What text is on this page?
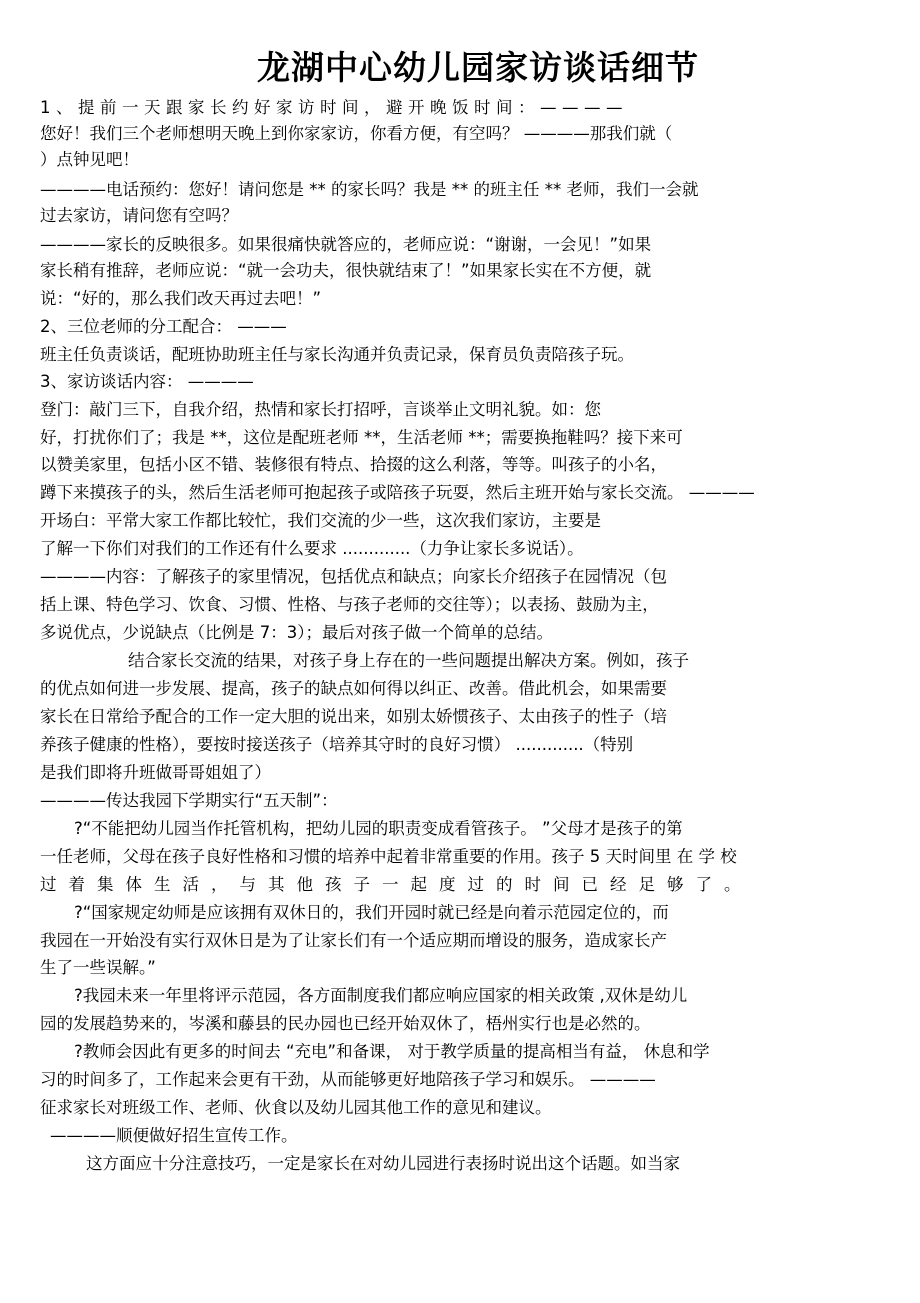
龙湖中心幼儿园家访谈话细节
1、提前一天跟家长约好家访时间，避开晚饭时间：————
您好！我们三个老师想明天晚上到你家家访，你看方便，有空吗？ ————那我们就（
）点钟见吧！
————电话预约：您好！请问您是 ** 的家长吗？我是 ** 的班主任 ** 老师，我们一会就
过去家访，请问您有空吗？
————家长的反映很多。如果很痛快就答应的，老师应说：“谢谢，一会见！”如果
家长稍有推辞，老师应说：“就一会功夫，很快就结束了！”如果家长实在不方便，就
说：“好的，那么我们改天再过去吧！”
2、三位老师的分工配合： ———
班主任负责谈话，配班协助班主任与家长沟通并负责记录，保育员负责陪孩子玩。
3、家访谈话内容： ————
登门：敲门三下，自我介绍，热情和家长打招呼，言谈举止文明礼貌。如：您
好，打扰你们了；我是 **，这位是配班老师 **，生活老师 **；需要换拖鞋吗？接下来可
以赞美家里，包括小区不错、装修很有特点、拾掇的这么利落，等等。叫孩子的小名，
蹲下来摸孩子的头，然后生活老师可抱起孩子或陪孩子玩耍，然后主班开始与家长交流。 ————
开场白：平常大家工作都比较忙，我们交流的少一些，这次我们家访，主要是
了解一下你们对我们的工作还有什么要求 .............（力争让家长多说话）。
————内容：了解孩子的家里情况，包括优点和缺点；向家长介绍孩子在园情况（包
括上课、特色学习、饮食、习惯、性格、与孩子老师的交往等）；以表扬、鼓励为主，
多说优点，少说缺点（比例是 7：3）；最后对孩子做一个简单的总结。
结合家长交流的结果，对孩子身上存在的一些问题提出解决方案。例如，孩子
的优点如何进一步发展、提高，孩子的缺点如何得以纠正、改善。借此机会，如果需要
家长在日常给予配合的工作一定大胆的说出来，如别太娇惯孩子、太由孩子的性子（培
养孩子健康的性格），要按时接送孩子（培养其守时的良好习惯） .............（特别
是我们即将升班做哥哥姐姐了）
————传达我园下学期实行“五天制”：
?“不能把幼儿园当作托管机构，把幼儿园的职责变成看管孩子。 ”父母才是孩子的第
一任老师，父母在孩子良好性格和习惯的培养中起着非常重要的作用。孩子 5 天时间里 在 学 校
过着集体生活，与其他孩子一起度过的时间已经足够了。
?“国家规定幼师是应该拥有双休日的，我们开园时就已经是向着示范园定位的，而
我园在一开始没有实行双休日是为了让家长们有一个适应期而增设的服务，造成家长产
生了一些误解。”
?我园未来一年里将评示范园，各方面制度我们都应响应国家的相关政策 ,双休是幼儿
园的发展趋势来的，岑溪和藤县的民办园也已经开始双休了，梧州实行也是必然的。
?教师会因此有更多的时间去 “充电”和备课， 对于教学质量的提高相当有益， 休息和学
习的时间多了，工作起来会更有干劲，从而能够更好地陪孩子学习和娱乐。 ————
征求家长对班级工作、老师、伙食以及幼儿园其他工作的意见和建议。
————顺便做好招生宣传工作。
这方面应十分注意技巧，一定是家长在对幼儿园进行表扬时说出这个话题。如当家
